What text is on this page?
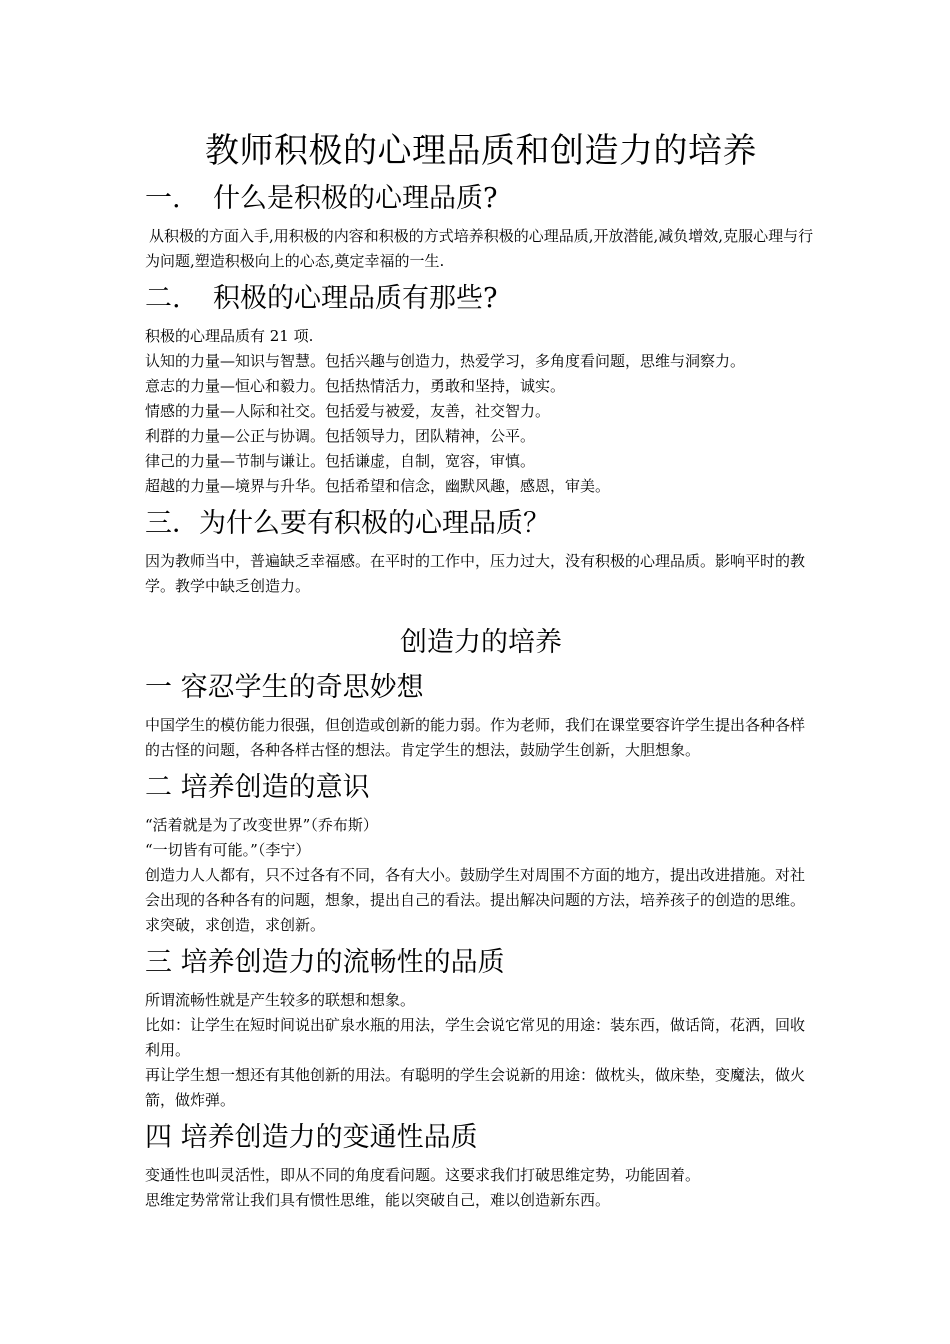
教师积极的心理品质和创造力的培养
一. 什么是积极的心理品质?

从积极的方面入手,用积极的内容和积极的方式培养积极的心理品质,开放潜能,减负增效,克服心理与行为问题,塑造积极向上的心态,奠定幸福的一生.

二. 积极的心理品质有那些?

积极的心理品质有 21 项.

认知的力量—知识与智慧。包括兴趣与创造力，热爱学习，多角度看问题，思维与洞察力。

意志的力量—恒心和毅力。包括热情活力，勇敢和坚持，诚实。

情感的力量—人际和社交。包括爱与被爱，友善，社交智力。

利群的力量—公正与协调。包括领导力，团队精神，公平。

律己的力量—节制与谦让。包括谦虚，自制，宽容，审慎。

超越的力量—境界与升华。包括希望和信念，幽默风趣，感恩，审美。

三．为什么要有积极的心理品质？

因为教师当中，普遍缺乏幸福感。在平时的工作中，压力过大，没有积极的心理品质。影响平时的教学。教学中缺乏创造力。

创造力的培养
一 容忍学生的奇思妙想

中国学生的模仿能力很强，但创造或创新的能力弱。作为老师，我们在课堂要容许学生提出各种各样的古怪的问题，各种各样古怪的想法。肯定学生的想法，鼓励学生创新，大胆想象。

二 培养创造的意识

“活着就是为了改变世界”（乔布斯）

“一切皆有可能。”（李宁）

创造力人人都有，只不过各有不同，各有大小。鼓励学生对周围不方面的地方，提出改进措施。对社会出现的各种各有的问题，想象，提出自己的看法。提出解决问题的方法，培养孩子的创造的思维。求突破，求创造，求创新。

三 培养创造力的流畅性的品质

所谓流畅性就是产生较多的联想和想象。

比如：让学生在短时间说出矿泉水瓶的用法，学生会说它常见的用途：装东西，做话筒，花洒，回收利用。

再让学生想一想还有其他创新的用法。有聪明的学生会说新的用途：做枕头，做床垫，变魔法，做火箭，做炸弹。

四 培养创造力的变通性品质

变通性也叫灵活性，即从不同的角度看问题。这要求我们打破思维定势，功能固着。

思维定势常常让我们具有惯性思维，能以突破自己，难以创造新东西。
